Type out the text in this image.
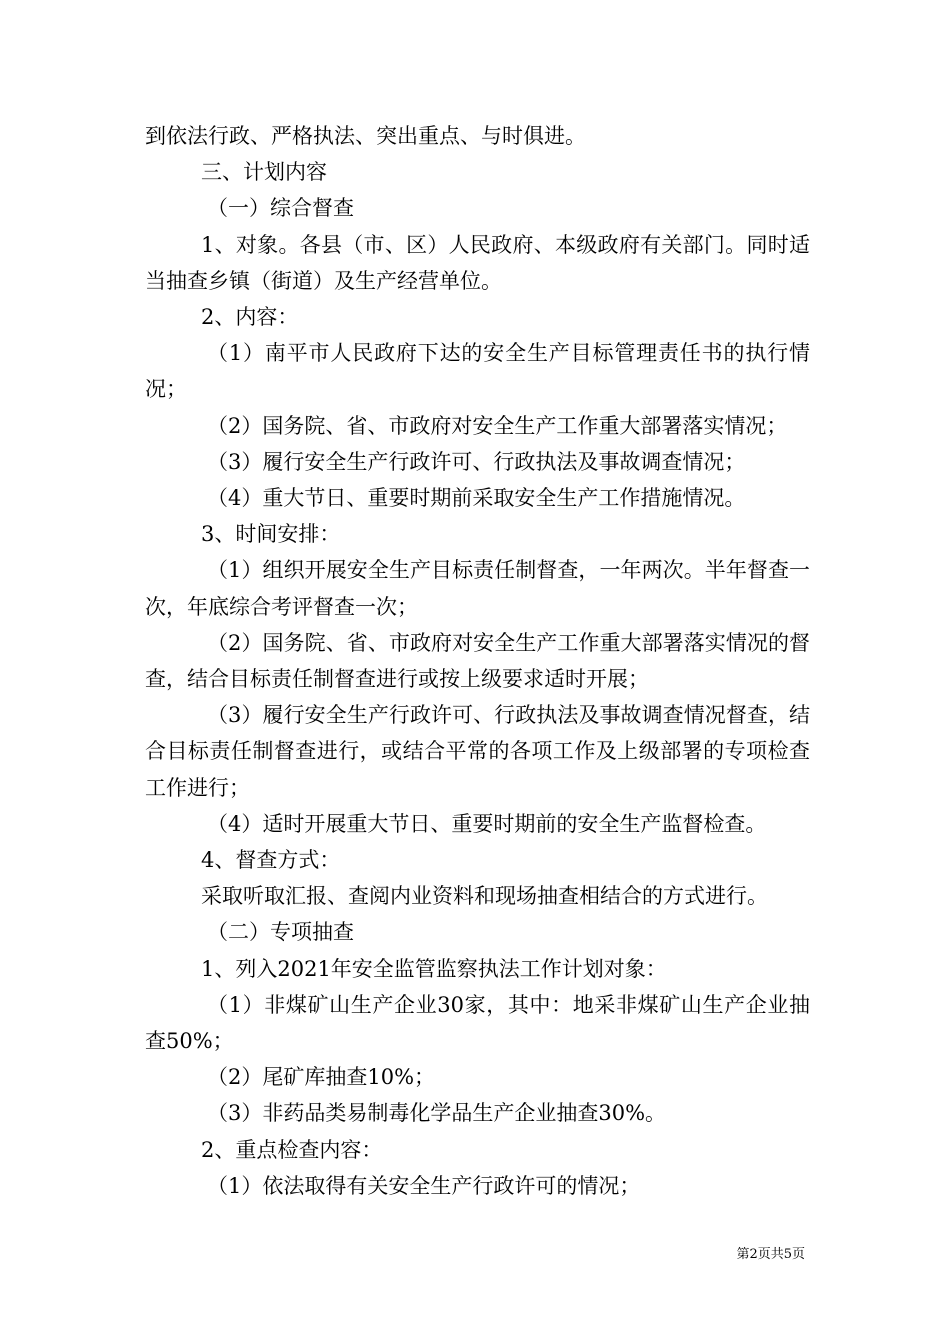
到依法行政、严格执法、突出重点、与时俱进。

三、计划内容

（一）综合督查

1、对象。各县（市、区）人民政府、本级政府有关部门。同时适当抽查乡镇（街道）及生产经营单位。

2、内容：

（1）南平市人民政府下达的安全生产目标管理责任书的执行情况；

（2）国务院、省、市政府对安全生产工作重大部署落实情况；

（3）履行安全生产行政许可、行政执法及事故调查情况；

（4）重大节日、重要时期前采取安全生产工作措施情况。

3、时间安排：

（1）组织开展安全生产目标责任制督查，一年两次。半年督查一次，年底综合考评督查一次；

（2）国务院、省、市政府对安全生产工作重大部署落实情况的督查，结合目标责任制督查进行或按上级要求适时开展；

（3）履行安全生产行政许可、行政执法及事故调查情况督查，结合目标责任制督查进行，或结合平常的各项工作及上级部署的专项检查工作进行；

（4）适时开展重大节日、重要时期前的安全生产监督检查。

4、督查方式：

采取听取汇报、查阅内业资料和现场抽查相结合的方式进行。

（二）专项抽查

1、列入2021年安全监管监察执法工作计划对象：

（1）非煤矿山生产企业30家，其中：地采非煤矿山生产企业抽查50%；

（2）尾矿库抽查10%；

（3）非药品类易制毒化学品生产企业抽查30%。

2、重点检查内容：

（1）依法取得有关安全生产行政许可的情况；

第2页共5页
